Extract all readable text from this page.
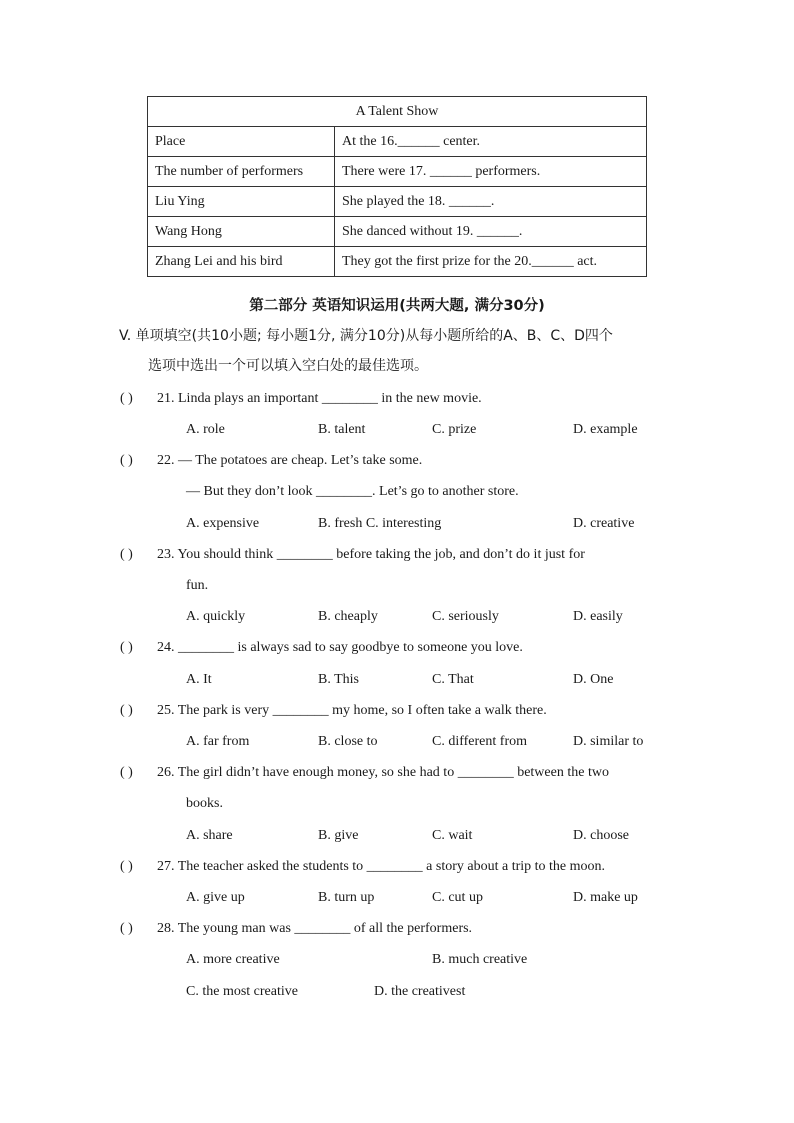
A Talent Show	
Place	At the 16.______ center.
The number of performers	There were 17. ______ performers.
Liu Ying	She played the 18. ______.
Wang Hong	She danced without 19. ______.
Zhang Lei and his bird	They got the first prize for the 20.______ act.
第二部分 英语知识运用(共两大题, 满分30分)
V. 单项填空(共10小题; 每小题1分, 满分10分)从每小题所给的A、B、C、D四个
选项中选出一个可以填入空白处的最佳选项。
( ) 21. Linda plays an important ________ in the new movie.
A. role	B. talent	C. prize	D. example
( ) 22. — The potatoes are cheap. Let’s take some.
— But they don’t look ________. Let’s go to another store.
A. expensive	B. fresh C. interesting	D. creative
( ) 23. You should think ________ before taking the job, and don’t do it just for
fun.
A. quickly	B. cheaply	C. seriously	D. easily
( ) 24. ________ is always sad to say goodbye to someone you love.
A. It	B. This	C. That	D. One
( ) 25. The park is very ________ my home, so I often take a walk there.
A. far from	B. close to	C. different from	D. similar to
( ) 26. The girl didn’t have enough money, so she had to ________ between the two
books.
A. share	B. give	C. wait	D. choose
( ) 27. The teacher asked the students to ________ a story about a trip to the moon.
A. give up	B. turn up	C. cut up	D. make up
( ) 28. The young man was ________ of all the performers.
A. more creative	B. much creative
C. the most creative	D. the creativest
